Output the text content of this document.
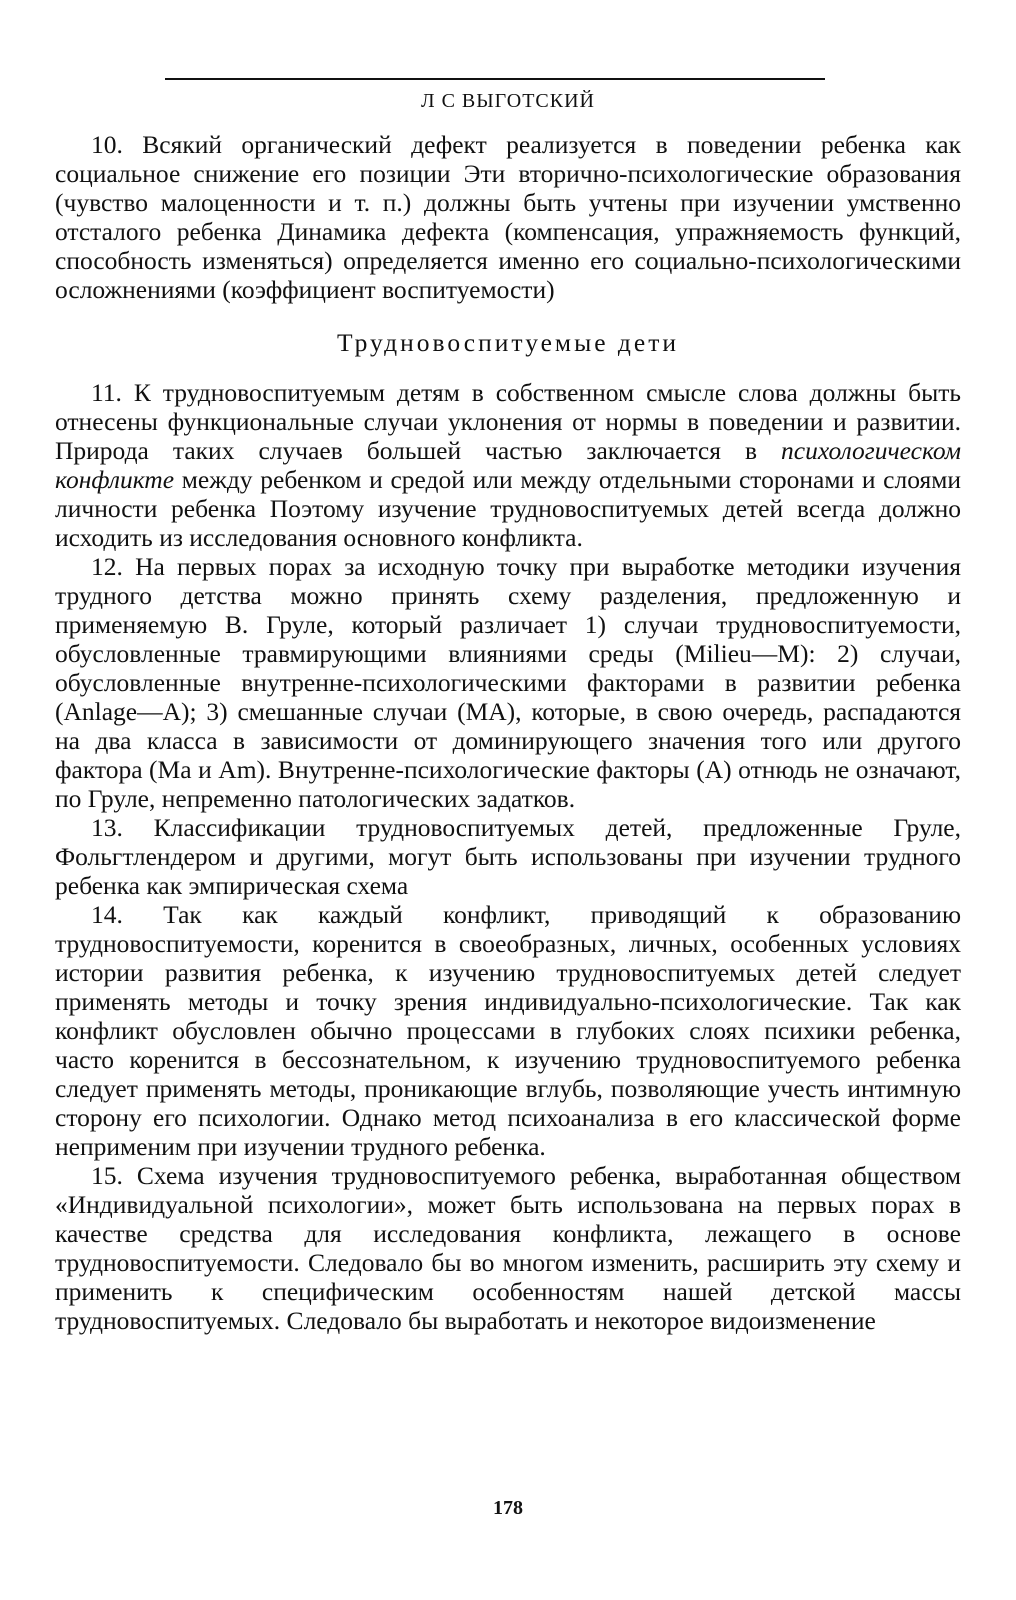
Л С ВЫГОТСКИЙ

10. Всякий органический дефект реализуется в поведении ребенка как социальное снижение его позиции Эти вторично-психологические образования (чувство малоценности и т. п.) должны быть учтены при изучении умственно отсталого ребенка Динамика дефекта (компенсация, упражняемость функций, способность изменяться) определяется именно его социально-психологическими осложнениями (коэффициент воспитуемости)

Трудновоспитуемые дети

11. К трудновоспитуемым детям в собственном смысле слова должны быть отнесены функциональные случаи уклонения от нормы в поведении и развитии. Природа таких случаев большей частью заключается в психологическом конфликте между ребенком и средой или между отдельными сторонами и слоями личности ребенка Поэтому изучение трудновоспитуемых детей всегда должно исходить из исследования основного конфликта.

12. На первых порах за исходную точку при выработке методики изучения трудного детства можно принять схему разделения, предложенную и применяемую В. Груле, который различает 1) случаи трудновоспитуемости, обусловленные травмирующими влияниями среды (Milieu—M): 2) случаи, обусловленные внутренне-психологическими факторами в развитии ребенка (Anlage—A); 3) смешанные случаи (MA), которые, в свою очередь, распадаются на два класса в зависимости от доминирующего значения того или другого фактора (Ma и Am). Внутренне-психологические факторы (A) отнюдь не означают, по Груле, непременно патологических задатков.

13. Классификации трудновоспитуемых детей, предложенные Груле, Фольгтлендером и другими, могут быть использованы при изучении трудного ребенка как эмпирическая схема

14. Так как каждый конфликт, приводящий к образованию трудновоспитуемости, коренится в своеобразных, личных, особенных условиях истории развития ребенка, к изучению трудновоспитуемых детей следует применять методы и точку зрения индивидуально-психологические. Так как конфликт обусловлен обычно процессами в глубоких слоях психики ребенка, часто коренится в бессознательном, к изучению трудновоспитуемого ребенка следует применять методы, проникающие вглубь, позволяющие учесть интимную сторону его психологии. Однако метод психоанализа в его классической форме неприменим при изучении трудного ребенка.

15. Схема изучения трудновоспитуемого ребенка, выработанная обществом «Индивидуальной психологии», может быть использована на первых порах в качестве средства для исследования конфликта, лежащего в основе трудновоспитуемости. Следовало бы во многом изменить, расширить эту схему и применить к специфическим особенностям нашей детской массы трудновоспитуемых. Следовало бы выработать и некоторое видоизменение

178
